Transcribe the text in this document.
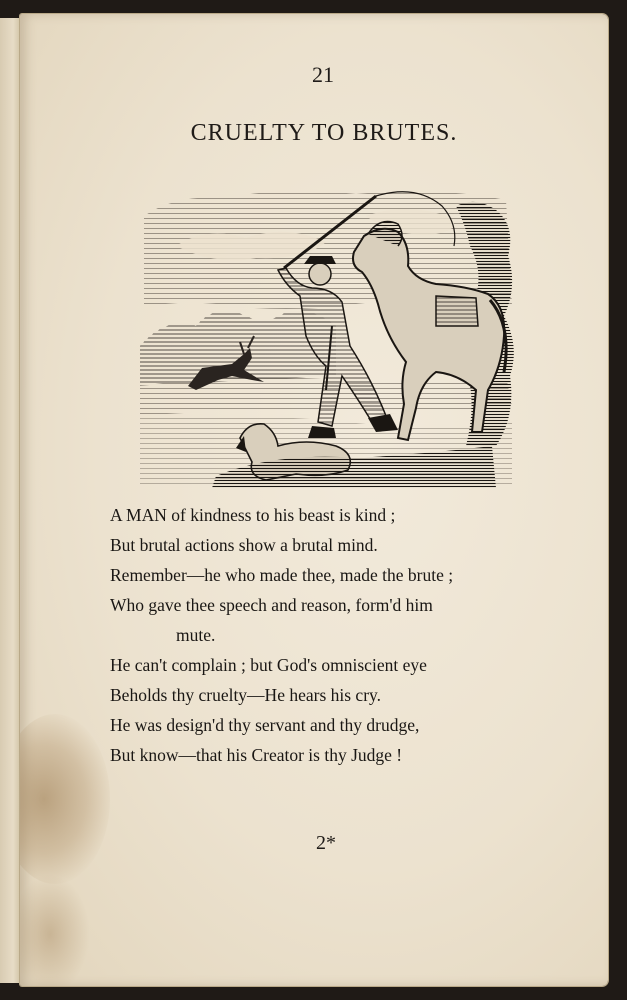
21
CRUELTY TO BRUTES.
A MAN of kindness to his beast is kind ;
But brutal actions show a brutal mind.
Remember—he who made thee, made the brute ;
Who gave thee speech and reason, form'd him
mute.
He can't complain ; but God's omniscient eye
Beholds thy cruelty—He hears his cry.
He was design'd thy servant and thy drudge,
But know—that his Creator is thy Judge !
2*
